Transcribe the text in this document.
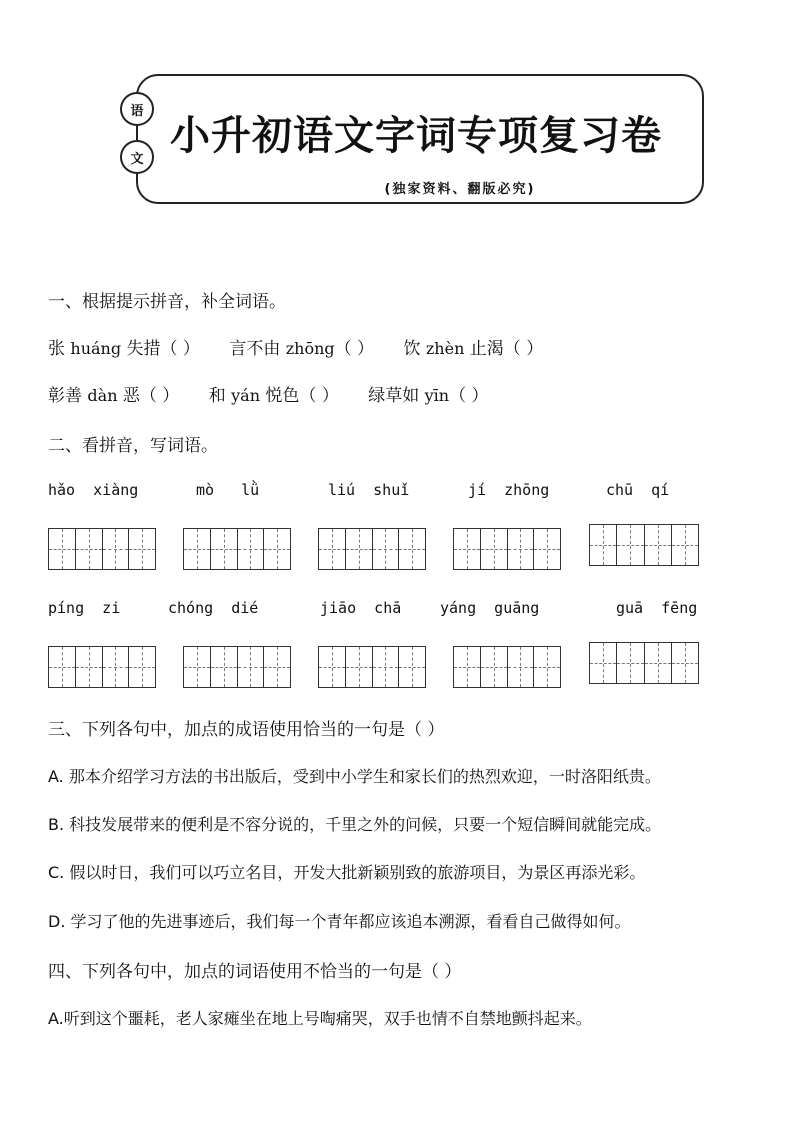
语
文 小升初语文字词专项复习卷
(独家资料、翻版必究)
一、根据提示拼音，补全词语。
张 huáng 失措（ ） 言不由 zhōng（ ） 饮 zhèn 止渴（ ）
彰善 dàn 恶（ ） 和 yán 悦色（ ） 绿草如 yīn（ ）
二、看拼音，写词语。
hǎo  xiàng	mò   lǜ	liú  shuǐ	jí  zhōng	chū  qí
píng  zi	chóng  dié	jiāo  chā	yáng  guāng	guā  fēng
三、下列各句中，加点的成语使用恰当的一句是（ ）
A. 那本介绍学习方法的书出版后，受到中小学生和家长们的热烈欢迎，一时洛阳纸贵。
B. 科技发展带来的便利是不容分说的，千里之外的问候，只要一个短信瞬间就能完成。
C. 假以时日，我们可以巧立名目，开发大批新颖别致的旅游项目，为景区再添光彩。
D. 学习了他的先进事迹后，我们每一个青年都应该追本溯源，看看自己做得如何。
四、下列各句中，加点的词语使用不恰当的一句是（ ）
A.听到这个噩耗，老人家瘫坐在地上号啕痛哭，双手也情不自禁地颤抖起来。
